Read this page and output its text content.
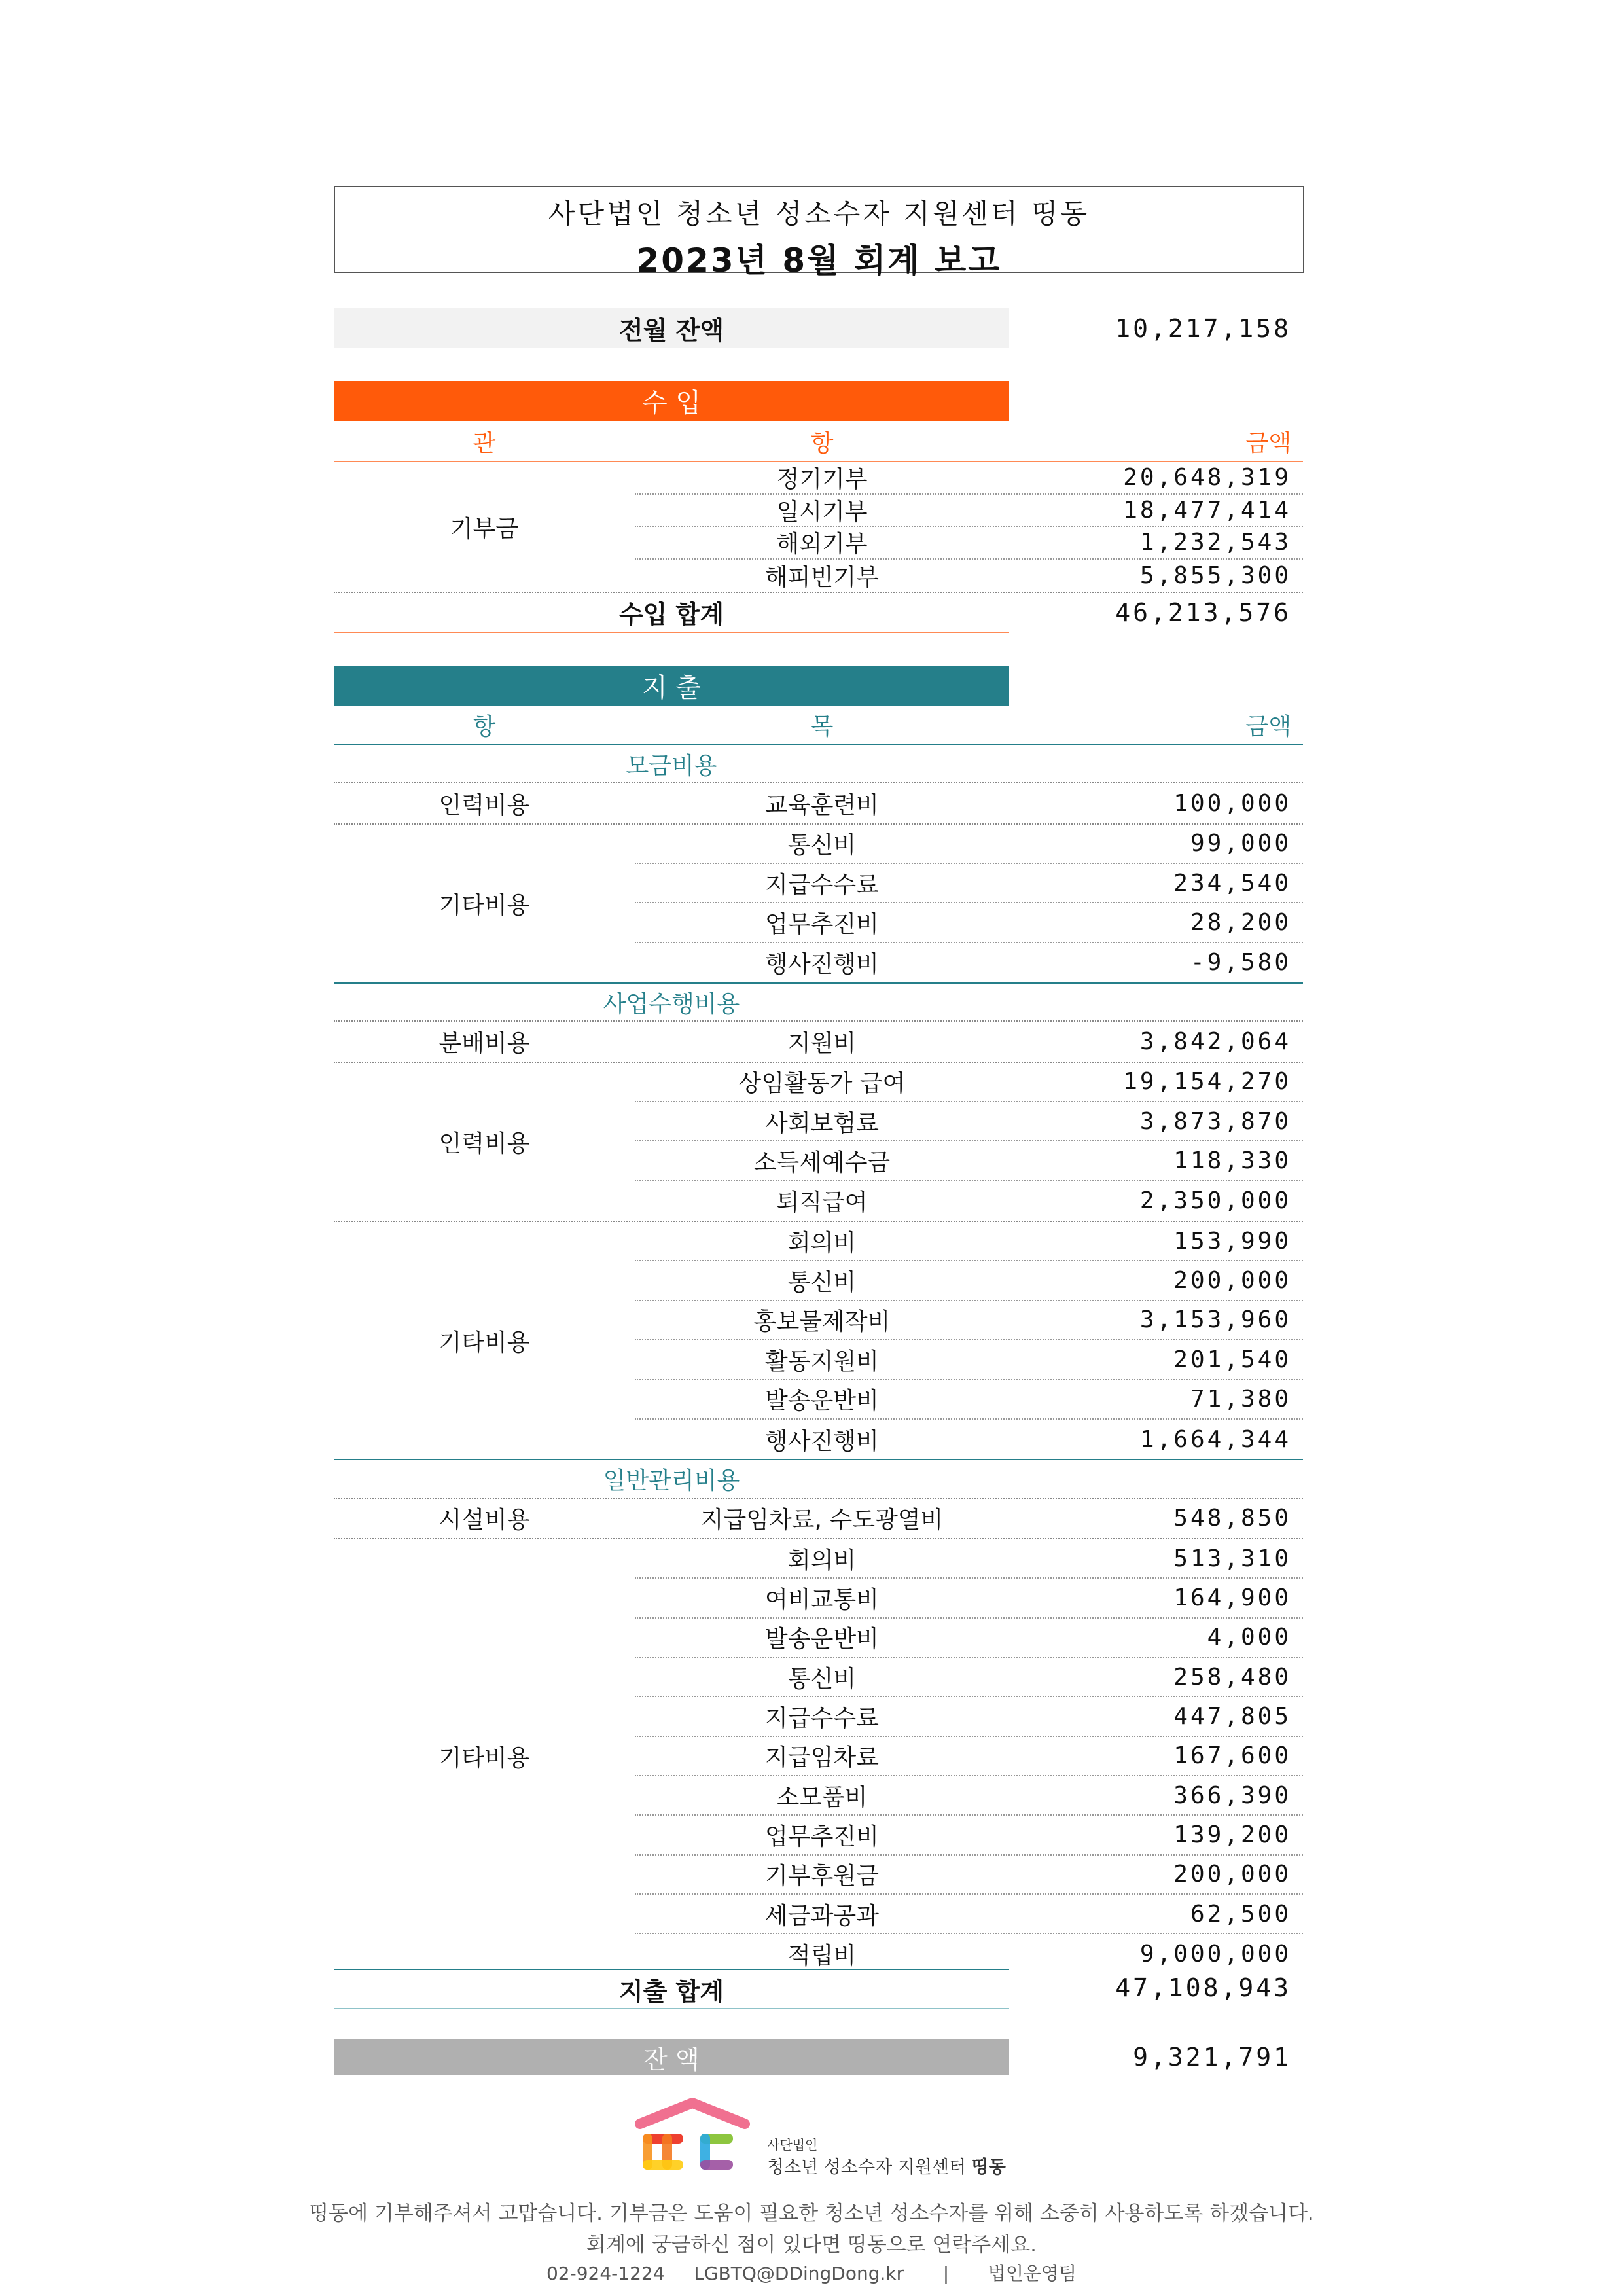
사단법인 청소년 성소수자 지원센터 띵동
2023년 8월 회계 보고
전월 잔액	10,217,158
수 입
관	항	금액
기부금
정기기부	20,648,319
일시기부	18,477,414
해외기부	1,232,543
해피빈기부	5,855,300
수입 합계	46,213,576
지 출
항	목	금액
모금비용
인력비용	교육훈련비	100,000
기타비용
통신비	99,000
지급수수료	234,540
업무추진비	28,200
행사진행비	-9,580
사업수행비용
분배비용	지원비	3,842,064
인력비용
상임활동가 급여	19,154,270
사회보험료	3,873,870
소득세예수금	118,330
퇴직급여	2,350,000
기타비용
회의비	153,990
통신비	200,000
홍보물제작비	3,153,960
활동지원비	201,540
발송운반비	71,380
행사진행비	1,664,344
일반관리비용
시설비용	지급임차료, 수도광열비	548,850
기타비용
회의비	513,310
여비교통비	164,900
발송운반비	4,000
통신비	258,480
지급수수료	447,805
지급임차료	167,600
소모품비	366,390
업무추진비	139,200
기부후원금	200,000
세금과공과	62,500
적립비	9,000,000
지출 합계	47,108,943
잔 액	9,321,791
사단법인
청소년 성소수자 지원센터 띵동
띵동에 기부해주셔서 고맙습니다. 기부금은 도움이 필요한 청소년 성소수자를 위해 소중히 사용하도록 하겠습니다.
회계에 궁금하신 점이 있다면 띵동으로 연락주세요.
02-924-1224 LGBTQ@DDingDong.kr | 법인운영팀
